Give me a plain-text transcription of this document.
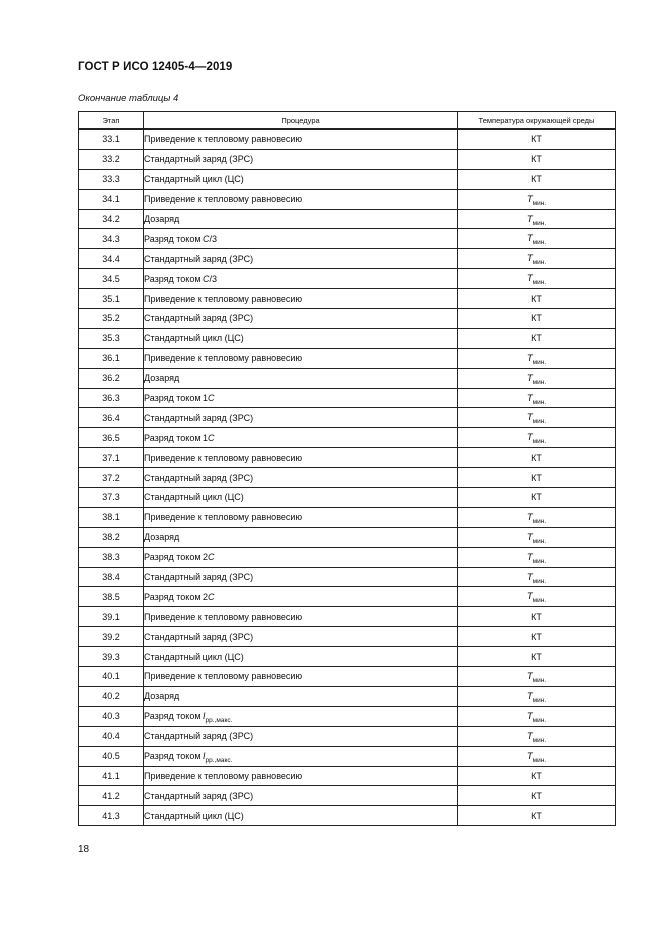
ГОСТ Р ИСО 12405-4—2019
Окончание таблицы 4
Этап	Процедура	Температура окружающей среды
33.1	Приведение к тепловому равновесию	КТ
33.2	Стандартный заряд (ЗРС)	КТ
33.3	Стандартный цикл (ЦС)	КТ
34.1	Приведение к тепловому равновесию	$T_{мин.}$
34.2	Дозаряд	$T_{мин.}$
34.3	Разряд током C/3	$T_{мин.}$
34.4	Стандартный заряд (ЗРС)	$T_{мин.}$
34.5	Разряд током C/3	$T_{мин.}$
35.1	Приведение к тепловому равновесию	КТ
35.2	Стандартный заряд (ЗРС)	КТ
35.3	Стандартный цикл (ЦС)	КТ
36.1	Приведение к тепловому равновесию	$T_{мин.}$
36.2	Дозаряд	$T_{мин.}$
36.3	Разряд током 1C	$T_{мин.}$
36.4	Стандартный заряд (ЗРС)	$T_{мин.}$
36.5	Разряд током 1C	$T_{мин.}$
37.1	Приведение к тепловому равновесию	КТ
37.2	Стандартный заряд (ЗРС)	КТ
37.3	Стандартный цикл (ЦС)	КТ
38.1	Приведение к тепловому равновесию	$T_{мин.}$
38.2	Дозаряд	$T_{мин.}$
38.3	Разряд током 2C	$T_{мин.}$
38.4	Стандартный заряд (ЗРС)	$T_{мин.}$
38.5	Разряд током 2C	$T_{мин.}$
39.1	Приведение к тепловому равновесию	КТ
39.2	Стандартный заряд (ЗРС)	КТ
39.3	Стандартный цикл (ЦС)	КТ
40.1	Приведение к тепловому равновесию	$T_{мин.}$
40.2	Дозаряд	$T_{мин.}$
40.3	Разряд током $I_{рр.,макс.}$	$T_{мин.}$
40.4	Стандартный заряд (ЗРС)	$T_{мин.}$
40.5	Разряд током $I_{рр.,макс.}$	$T_{мин.}$
41.1	Приведение к тепловому равновесию	КТ
41.2	Стандартный заряд (ЗРС)	КТ
41.3	Стандартный цикл (ЦС)	КТ
18
